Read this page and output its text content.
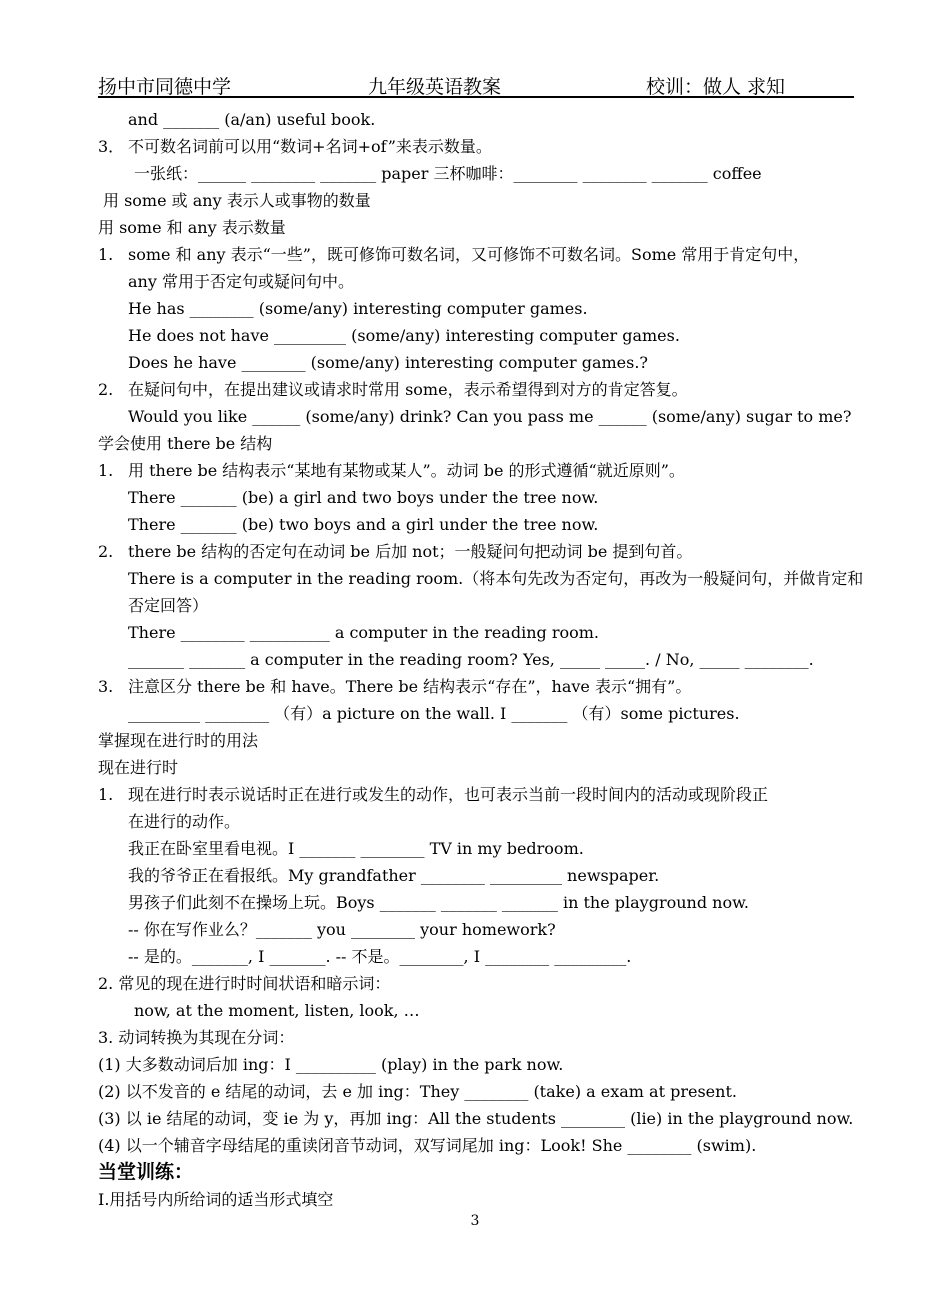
扬中市同德中学	九年级英语教案	校训：做人 求知
and _______ (a/an) useful book.
3． 不可数名词前可以用“数词+名词+of”来表示数量。
一张纸：______ ________ _______ paper 三杯咖啡：________ ________ _______ coffee
用 some 或 any 表示人或事物的数量
用 some 和 any 表示数量
1. some 和 any 表示“一些”，既可修饰可数名词，又可修饰不可数名词。Some 常用于肯定句中，
any 常用于否定句或疑问句中。
He has ________ (some/any) interesting computer games.
He does not have _________ (some/any) interesting computer games.
Does he have ________ (some/any) interesting computer games.?
2. 在疑问句中，在提出建议或请求时常用 some，表示希望得到对方的肯定答复。
Would you like ______ (some/any) drink? Can you pass me ______ (some/any) sugar to me?
学会使用 there be 结构
1. 用 there be 结构表示“某地有某物或某人”。动词 be 的形式遵循“就近原则”。
There _______ (be) a girl and two boys under the tree now.
There _______ (be) two boys and a girl under the tree now.
2. there be 结构的否定句在动词 be 后加 not；一般疑问句把动词 be 提到句首。
There is a computer in the reading room.（将本句先改为否定句，再改为一般疑问句，并做肯定和
否定回答）
There ________ __________ a computer in the reading room.
_______ _______ a computer in the reading room? Yes, _____ _____. / No, _____ ________.
3. 注意区分 there be 和 have。There be 结构表示“存在”，have 表示“拥有”。
_________ ________ （有）a picture on the wall. I _______ （有）some pictures.
掌握现在进行时的用法
现在进行时
1. 现在进行时表示说话时正在进行或发生的动作，也可表示当前一段时间内的活动或现阶段正
在进行的动作。
我正在卧室里看电视。I _______ ________ TV in my bedroom.
我的爷爷正在看报纸。My grandfather ________ _________ newspaper.
男孩子们此刻不在操场上玩。Boys _______ _______ _______ in the playground now.
-- 你在写作业么？_______ you ________ your homework?
-- 是的。_______, I _______. -- 不是。________, I ________ _________.
2. 常见的现在进行时时间状语和暗示词：
now, at the moment, listen, look, …
3. 动词转换为其现在分词：
(1) 大多数动词后加 ing：I __________ (play) in the park now.
(2) 以不发音的 e 结尾的动词，去 e 加 ing：They ________ (take) a exam at present.
(3) 以 ie 结尾的动词，变 ie 为 y，再加 ing：All the students ________ (lie) in the playground now.
(4) 以一个辅音字母结尾的重读闭音节动词，双写词尾加 ing：Look! She ________ (swim).
当堂训练：
Ⅰ.用括号内所给词的适当形式填空
3
